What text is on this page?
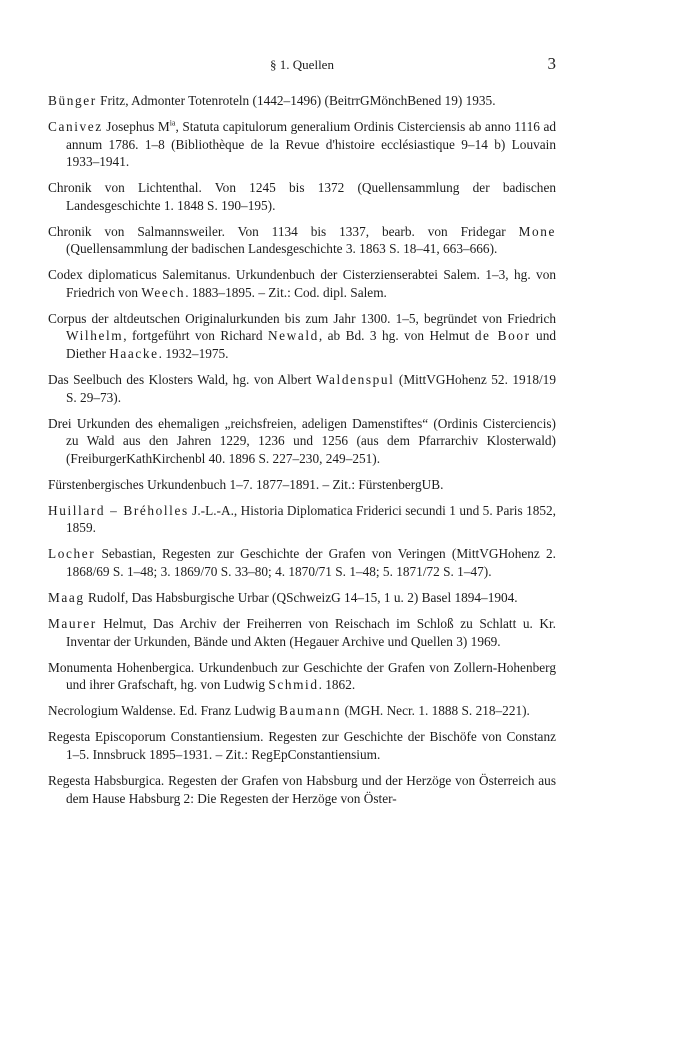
§ 1. Quellen	3

Bünger Fritz, Admonter Totenroteln (1442–1496) (BeitrrGMönchBened 19) 1935.

Canivez Josephus $M^{ia}$, Statuta capitulorum generalium Ordinis Cisterciensis ab anno 1116 ad annum 1786. 1–8 (Bibliothèque de la Revue d'histoire ecclésiastique 9–14 b) Louvain 1933–1941.

Chronik von Lichtenthal. Von 1245 bis 1372 (Quellensammlung der badischen Landesgeschichte 1. 1848 S. 190–195).

Chronik von Salmannsweiler. Von 1134 bis 1337, bearb. von Fridegar Mone (Quellensammlung der badischen Landesgeschichte 3. 1863 S. 18–41, 663–666).

Codex diplomaticus Salemitanus. Urkundenbuch der Cisterzienserabtei Salem. 1–3, hg. von Friedrich von Weech. 1883–1895. – Zit.: Cod. dipl. Salem.

Corpus der altdeutschen Originalurkunden bis zum Jahr 1300. 1–5, begründet von Friedrich Wilhelm, fortgeführt von Richard Newald, ab Bd. 3 hg. von Helmut de Boor und Diether Haacke. 1932–1975.

Das Seelbuch des Klosters Wald, hg. von Albert Waldenspul (MittVGHohenz 52. 1918/19 S. 29–73).

Drei Urkunden des ehemaligen „reichsfreien, adeligen Damenstiftes“ (Ordinis Cisterciencis) zu Wald aus den Jahren 1229, 1236 und 1256 (aus dem Pfarrarchiv Klosterwald) (FreiburgerKathKirchenbl 40. 1896 S. 227–230, 249–251).

Fürstenbergisches Urkundenbuch 1–7. 1877–1891. – Zit.: FürstenbergUB.

Huillard – Bréholles J.-L.-A., Historia Diplomatica Friderici secundi 1 und 5. Paris 1852, 1859.

Locher Sebastian, Regesten zur Geschichte der Grafen von Veringen (MittVGHohenz 2. 1868/69 S. 1–48; 3. 1869/70 S. 33–80; 4. 1870/71 S. 1–48; 5. 1871/72 S. 1–47).

Maag Rudolf, Das Habsburgische Urbar (QSchweizG 14–15, 1 u. 2) Basel 1894–1904.

Maurer Helmut, Das Archiv der Freiherren von Reischach im Schloß zu Schlatt u. Kr. Inventar der Urkunden, Bände und Akten (Hegauer Archive und Quellen 3) 1969.

Monumenta Hohenbergica. Urkundenbuch zur Geschichte der Grafen von Zollern-Hohenberg und ihrer Grafschaft, hg. von Ludwig Schmid. 1862.

Necrologium Waldense. Ed. Franz Ludwig Baumann (MGH. Necr. 1. 1888 S. 218–221).

Regesta Episcoporum Constantiensium. Regesten zur Geschichte der Bischöfe von Constanz 1–5. Innsbruck 1895–1931. – Zit.: RegEpConstantiensium.

Regesta Habsburgica. Regesten der Grafen von Habsburg und der Herzöge von Österreich aus dem Hause Habsburg 2: Die Regesten der Herzöge von Öster-
